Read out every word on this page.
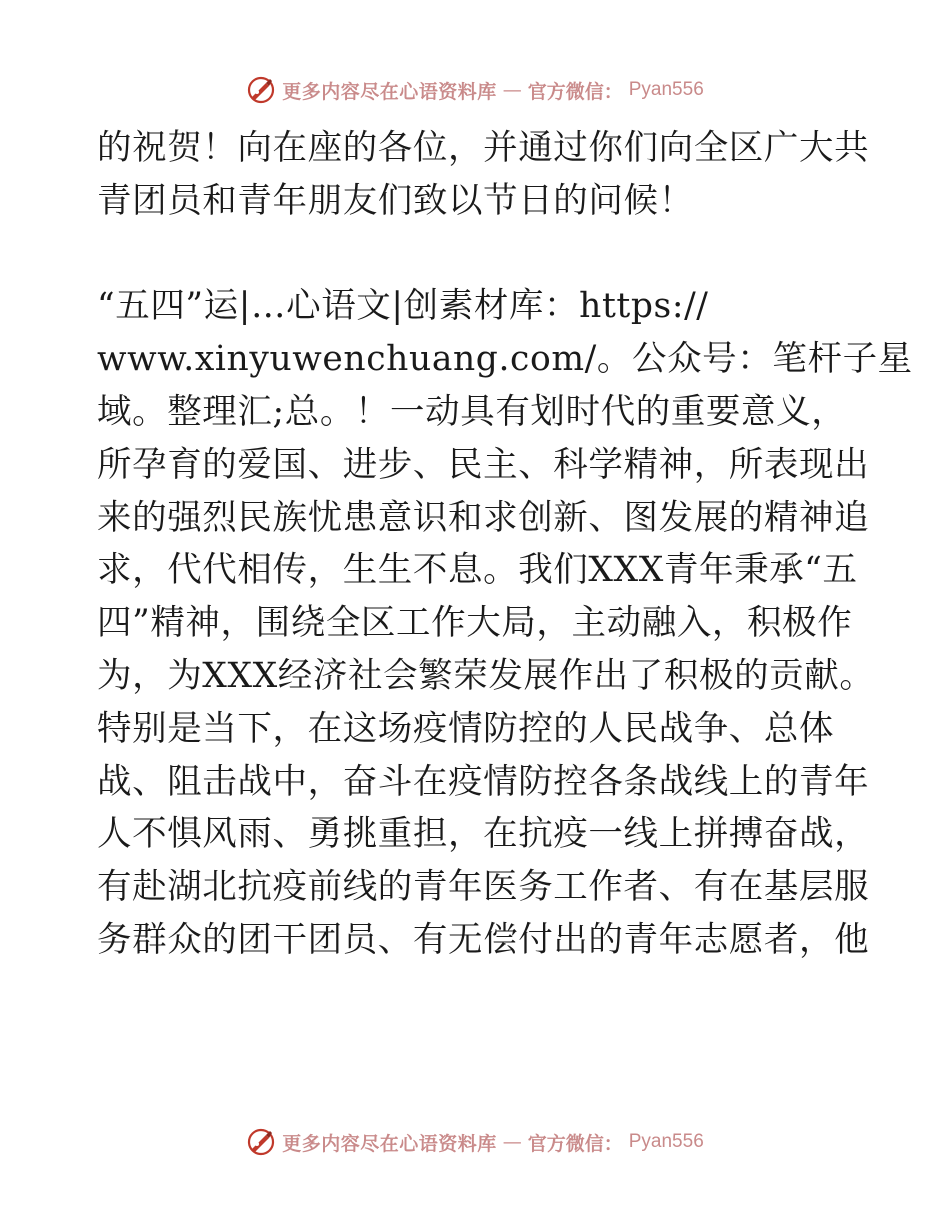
更多内容尽在心语资料库 — 官方微信： Pyan556
的祝贺！向在座的各位，并通过你们向全区广大共
青团员和青年朋友们致以节日的问候！
“五四”运|…心语文|创素材库：https://
www.xinyuwenchuang.com/。公众号：笔杆子星
域。整理汇;总。！一动具有划时代的重要意义，
所孕育的爱国、进步、民主、科学精神，所表现出
来的强烈民族忧患意识和求创新、图发展的精神追
求，代代相传，生生不息。我们XXX青年秉承“五
四”精神，围绕全区工作大局，主动融入，积极作
为，为XXX经济社会繁荣发展作出了积极的贡献。
特别是当下，在这场疫情防控的人民战争、总体
战、阻击战中，奋斗在疫情防控各条战线上的青年
人不惧风雨、勇挑重担，在抗疫一线上拼搏奋战，
有赴湖北抗疫前线的青年医务工作者、有在基层服
务群众的团干团员、有无偿付出的青年志愿者，他
更多内容尽在心语资料库 — 官方微信： Pyan556
